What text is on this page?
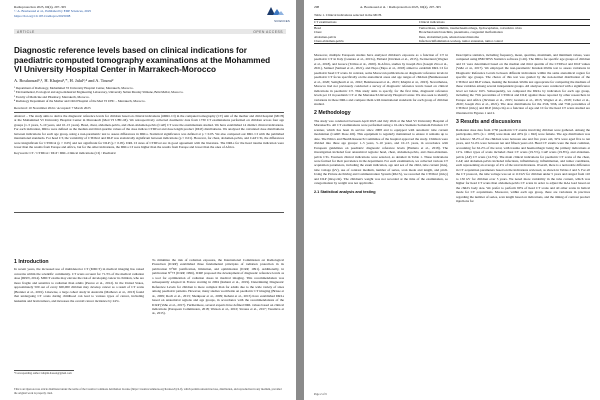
Radioprotection 2025, 60(4), 297–305
© A. Boulaouad et al., Published by EDP Sciences, 2025
https://doi.org/10.1051/radiopro/2025008
SCIENCES
ARTICLE	OPEN ACCESS
Diagnostic reference levels based on clinical indications for paediatric computed tomography examinations at the Mohammed VI University Hospital Center in Marrakech-Morocco
A. Boulaouad¹,², H. Khajmi¹,*, H. Jalal³,⁴ and A. Toumi²
¹ Department of Radiology, Mohammed VI University Hospital Center, Marrakech, Morocco.
² Environmental, Ecological and Agro-Industrial Engineering Laboratory, University Sultan Moulay Slimane, Béni Mellal, Morocco.
³ Faculty of Medicine and Pharmacy, Marrakech, Morocco.
⁴ Radiology Department of the Mother and Child Hospital of the Med VI UHC – Marrakech, Morocco.
Received: 10 November 2024 / Accepted: 7 March 2025
Abstract – The study aims to derive the diagnostic reference levels for children based on clinical indications (#DRL CI) in the computed tomography (CT) unit of the mother and child hospital (MCH) at the Mohammed VI University Hospital Center in Marrakech (Med VI UHC-M). We retrospectively collected dosimetric data from 1730 CT examinations performed on children across four age groups (1–5 years, 5–10 years, and 10–15 years). Head, chest, abdomen-pelvis, and chest-abdomen-pelvis (CAP) CT were the examinations studied. We have established 14 distinct clinical indications. For each indication, DRLs were defined as the median and third quartile values of the dose indices CTDIvol and dose length product (DLP) distributions. We analysed the calculated dose distributions between indications for each age group, using a non-parametric test to assess differences in DRLs. Statistical significance was defined at p < 0.05. We also compared our DRL CI with the published international standards. For head CT, the variability of CTDIvol and DLP was statistically significant between indications (p < 0.01). However, for chest, abdomen-pelvis, and CAP CTs, the differences were insignificant for CTDIvol (p > 0.05) and not significant for DLP (p > 0.05). DRL CI sizes of CTDIvol are in good agreement with the literature. The DRLs for the head trauma indication were lower than the results from Europe and Africa, but for the other indications, the DRLs CI were higher than the results from Europe and lower than the ones of Africa.
Keywords: CT / CTDIvol / DLP / DRL-Clinical indications (CI) / Paediatric
1 Introduction
In recent years, the increased use of multidetector CT (MDCT) in medical imaging has raised concerns within the scientific community. CT scans account for 71.3% of the medical radiation dose (IRSN, 2014). MDCT exams may elevate the risk of developing cancer in children, who are more fragile and sensitive to radiation than adults (Pearce et al., 2012). In the United States, approximately 500 out of every 600,000 children may develop cancer as a result of CT scans (Brenner et al., 2001). Likewise, a large cohort study in Australia (Mathews et al., 2013) found that undergoing CT scans during childhood can lead to various types of cancer, including leukemia and brain tumors, and increases the overall cancer incidence by 24%.
To minimize the risk of radiation exposure, the International Commission on Radiological Protection (ICRP) established three fundamental principles of radiation protection in its publication N°60: justification, limitation, and optimization (ICRP, 1991). Additionally, in publication N°73 (ICRP, 1996), ICRP proposed the development of diagnostic reference levels as a tool for optimization of radiation doses in medical imaging. This recommendation was subsequently adopted in France starting in 2004 (Rehani et al., 2019). Determining Diagnostic Reference Levels for children is more complex than for adults due to the wide variety of sizes among paediatric patients. However, many studies worldwide on paediatric CT imaging (Brisse et al., 2009; Roch et al., 2013; Sheikpour et al., 2009; Rehani et al., 2015) have established DRLs based on anatomical regions and age groups, in accordance with the recommendations of the ICRP (Vaño et al., 2017). Furthermore, several experts have defined DRL values based on clinical indications (European Commission, 2018; Watson et al., 2010; Strauss et al., 2017; Vassileva et al., 2015).
*Corresponding author: khajmi.hassan@gmail.com
This is an Open Access article distributed under the terms of the Creative Commons Attribution License (https://creativecommons.org/licenses/by/4.0), which permits unrestricted use, distribution, and reproduction in any medium, provided the original work is properly cited.
298	A. Boulaouad et al. : Radioprotection 2025, 60(4), 297–305
Table 1. Clinical indications selected in the MCH.
CT examinations	Clinical indications
Head	Tumor/mass, cellulitis, trauma/haemorrhage, hydrocephalus, convulsive crisis
Chest	Bronchiectasis/bronchitis, pneumonia, congenital malformation
Abdomen-pelvis	Ileus, abdominal pain, adrenal neuroblastoma
Chest-abdomen-pelvis	Infection/inflammation workup, tumor extension, tumor control
Moreover, multiple European studies have analyzed children's exposure as a function of CT in paediatric CT in Italy (Granata et al., 2015a), Finland (Järvinen et al., 2015), Switzerland (Wagner et al., 2018), and Greece (Tzilios et al., 2020). In Africa, studies by Joseph Zira (Joseph Zira et al., 2021), Samuel (Samuel et al., 2021), and Ekpo (Ekpo et al., 2018) aimed to establish DRL CI for paediatric head CT scans. In contrast, some Moroccan publications on diagnostic reference levels in paediatric CT focus specifically on the anatomical areas and age ranges of children (Benmessaoud et al., 2020; Semghouli et al., 2022; Benmessaoud et al., 2023; Khajmi et al., 2023). Nevertheless, Morocco had not previously conducted a survey of diagnostic reference levels based on clinical indications in paediatric CT. This study aims to specify, for the first time, diagnostic reference levels per CI in paediatric CT at the Marrakech University Hospital Center. We also seek to identify variations in these DRLs and compare them with international standards for each group of children studied.
2 Methodology
The study was conducted between April 2023 and July 2024 at the Med VI University Hospital of Marrakech's. All CT examinations were performed using a 16-slice Siemens Somatom Emotion CT scanner, which has been in service since 2008 and is equipped with automatic tube current modulation (CARE Dose 4D). This equipment is regularly maintained to ensure it remains up to date. The Ethics and Health Research Committee of the hospital approved the study. Children were divided into three age groups: 1–5 years, 5–10 years, and 10–15 years, in accordance with European guidelines on paediatric diagnostic reference levels (Hamata et al., 2018). The investigation included four anatomical regions: head, chest, abdomen-pelvis, and chest-abdomen-pelvis CTs. Fourteen clinical indications were selected, as detailed in Table 1. These indications were formed for their prevalence in the department. For each examination, we collected various CT acquisition parameters, including the exam indication, age and sex of the child, tube current (mA), tube voltage (kV), use of contrast medium, number of series, scan mode and length, and pitch. Using the Picture Archiving and Communication System (PACS), we recorded the CTDIvol (mGy) and DLP (mGy.cm). The children's weight was not recorded at the time of the examination, so categorization by weight was not applicable.
2.1 Statistical analysis and testing
Descriptive statistics, including frequency, mean, quartiles, maximum, and minimum values, were computed using IBM SPSS Statistics software (v.26). The DRLs for specific age groups of children and CI were determined based on the median and third quartile of the CTDIvol and DLP values (Vañó et al., 2017). We employed the non-parametric Kruskal-Wallis test to assess variations in Diagnostic Reference Levels between different indications within the same anatomical region for specific age groups. The choice of this test was guided by the non-normal distribution of the CTDIvol and DLP values, making the Kruskal-Wallis test appropriate for comparing the medians of these variables among several independent groups. All analyses were conducted with a significance level set below 0.05. Subsequently, we compared the DRLs by indication for each age group, including the 75th percentiles of CTDIvol and DLP, against those reported by other researchers in Europe and Africa (Järvinen et al., 2015; Granata et al., 2015; Wagner et al., 2018; Celiot et al., 2020; Joseph Zira et al., 2021). The dose distributions for the 25th, 50th, and 75th percentiles of CTDIvol (mGy) and DLP (mGy.cm) as a function of age and CI for the head CT scans studied are illustrated in Figures 1 and 2.
3 Results and discussions
Radiation dose data from 1730 paediatric CT exams involving children were gathered. Among the participants, 60% (n = 1038) were male and 40% (n = 692) were female. The age distribution was as follows: 38.2% of the children were between one and five years old, 32% were aged five to ten years, and 31.4% were between ten and fifteen years old. Head CT exams were the most common, accounting for 62.2% of the total, with trauma and haemorrhagic being the primary indications at 12%. Other types of scans included chest CT scans (19.5%), CAP scans (19.8%), and abdomen-pelvis (AP) CT scans (14.3%). The main clinical indications for paediatric CT scans of the chest, CAP, and abdomen-pelvis included infections, inflammatory, inflammation, and tumor conditions, each representing an average of 4% of the total indications. Overall, there is a noticeable difference in CT acquisition parameters based on the indications reviewed, as shown in Tables 2 and 3. For all the CT protocol, the tube voltage was set at 110 kV for children under 5 years and ranged from 110 to 130 kV for children over 5 years. We noted more variability in the tube current, which was higher for head CT scans than abdomen-pelvis CT scans in order to adjust the mAs load based on the child's body size. We prefer to perform 90% of head CT scans and all other scans in helical mode for CT acquisitions. Moreover, within each age group, there are variations in practices regarding the number of series, scan length based on indications, and the timing of contrast product injections for
Page 2 of 9
